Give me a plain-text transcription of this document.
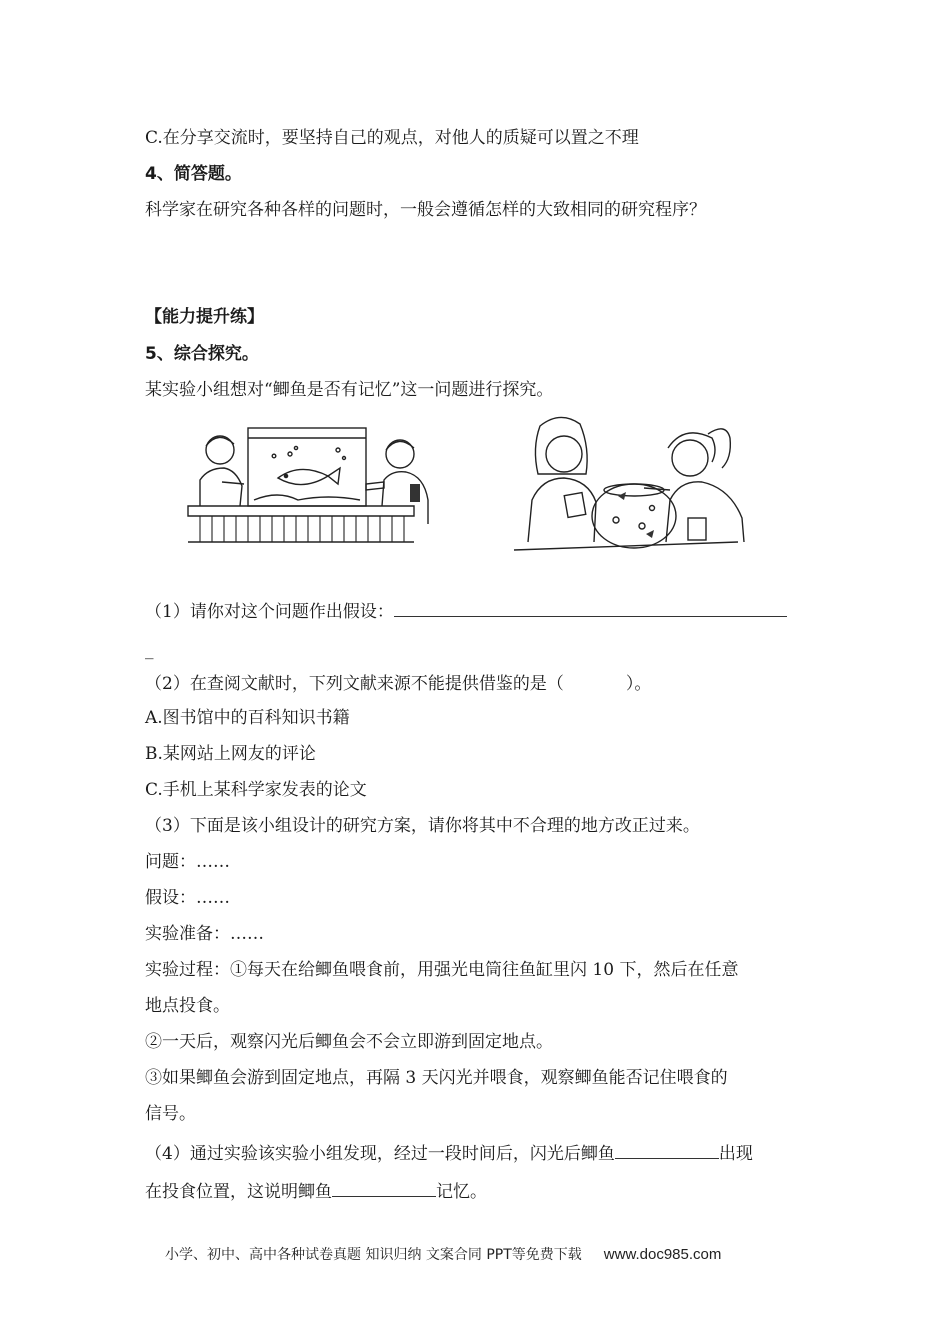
C.在分享交流时，要坚持自己的观点，对他人的质疑可以置之不理
4、简答题。
科学家在研究各种各样的问题时，一般会遵循怎样的大致相同的研究程序？
【能力提升练】
5、综合探究。
某实验小组想对“鲫鱼是否有记忆”这一问题进行探究。
（1）请你对这个问题作出假设：
_
（2）在查阅文献时，下列文献来源不能提供借鉴的是（	）。
A.图书馆中的百科知识书籍
B.某网站上网友的评论
C.手机上某科学家发表的论文
（3）下面是该小组设计的研究方案，请你将其中不合理的地方改正过来。
问题：……
假设：……
实验准备：……
实验过程：①每天在给鲫鱼喂食前，用强光电筒往鱼缸里闪 10 下，然后在任意
地点投食。
②一天后，观察闪光后鲫鱼会不会立即游到固定地点。
③如果鲫鱼会游到固定地点，再隔 3 天闪光并喂食，观察鲫鱼能否记住喂食的
信号。
（4）通过实验该实验小组发现，经过一段时间后，闪光后鲫鱼	出现
在投食位置，这说明鲫鱼	记忆。
小学、初中、高中各种试卷真题 知识归纳 文案合同 PPT等免费下载 www.doc985.com
